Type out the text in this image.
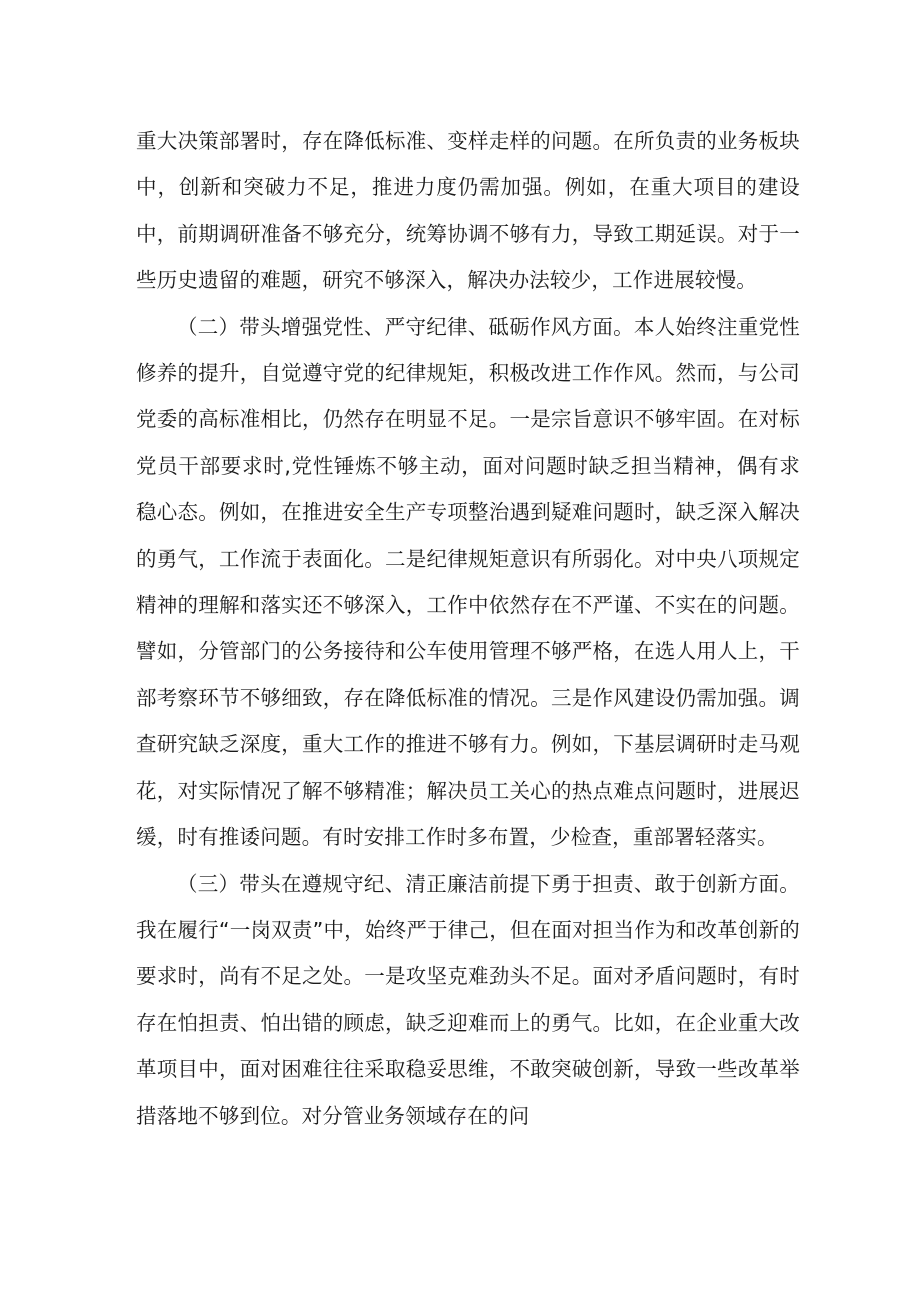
重大决策部署时，存在降低标准、变样走样的问题。在所负责的业务板块中，创新和突破力不足，推进力度仍需加强。例如，在重大项目的建设中，前期调研准备不够充分，统筹协调不够有力，导致工期延误。对于一些历史遗留的难题，研究不够深入，解决办法较少，工作进展较慢。

（二）带头增强党性、严守纪律、砥砺作风方面。本人始终注重党性修养的提升，自觉遵守党的纪律规矩，积极改进工作作风。然而，与公司党委的高标准相比，仍然存在明显不足。一是宗旨意识不够牢固。在对标党员干部要求时,党性锤炼不够主动，面对问题时缺乏担当精神，偶有求稳心态。例如，在推进安全生产专项整治遇到疑难问题时，缺乏深入解决的勇气，工作流于表面化。二是纪律规矩意识有所弱化。对中央八项规定精神的理解和落实还不够深入，工作中依然存在不严谨、不实在的问题。譬如，分管部门的公务接待和公车使用管理不够严格，在选人用人上，干部考察环节不够细致，存在降低标准的情况。三是作风建设仍需加强。调查研究缺乏深度，重大工作的推进不够有力。例如，下基层调研时走马观花，对实际情况了解不够精准；解决员工关心的热点难点问题时，进展迟缓，时有推诿问题。有时安排工作时多布置，少检查，重部署轻落实。

（三）带头在遵规守纪、清正廉洁前提下勇于担责、敢于创新方面。我在履行“一岗双责”中，始终严于律己，但在面对担当作为和改革创新的要求时，尚有不足之处。一是攻坚克难劲头不足。面对矛盾问题时，有时存在怕担责、怕出错的顾虑，缺乏迎难而上的勇气。比如，在企业重大改革项目中，面对困难往往采取稳妥思维，不敢突破创新，导致一些改革举措落地不够到位。对分管业务领域存在的问
